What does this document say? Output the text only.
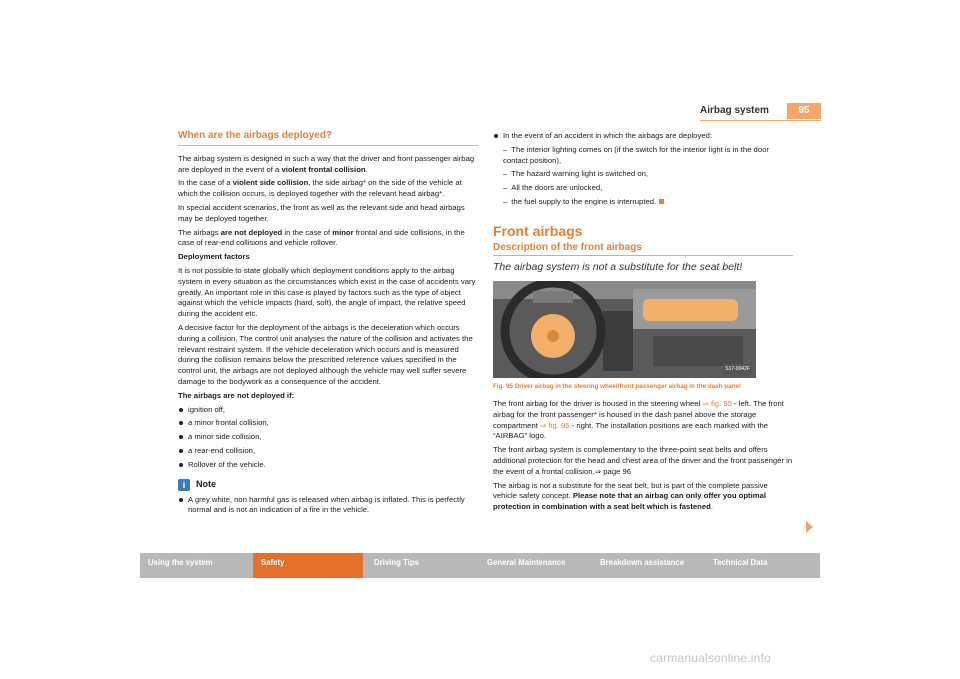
Airbag system	95
When are the airbags deployed?

The airbag system is designed in such a way that the driver and front passenger airbag are deployed in the event of a violent frontal collision.

In the case of a violent side collision, the side airbag* on the side of the vehicle at which the collision occurs, is deployed together with the relevant head airbag*.

In special accident scenarios, the front as well as the relevant side and head airbags may be deployed together.

The airbags are not deployed in the case of minor frontal and side collisions, in the case of rear-end collisions and vehicle rollover.

Deployment factors

It is not possible to state globally which deployment conditions apply to the airbag system in every situation as the circumstances which exist in the case of accidents vary greatly. An important role in this case is played by factors such as the type of object against which the vehicle impacts (hard, soft), the angle of impact, the relative speed during the accident etc.

A decisive factor for the deployment of the airbags is the deceleration which occurs during a collision. The control unit analyses the nature of the collision and activates the relevant restraint system. If the vehicle deceleration which occurs and is measured during the collision remains below the prescribed reference values specified in the control unit, the airbags are not deployed although the vehicle may well suffer severe damage to the bodywork as a consequence of the accident.

The airbags are not deployed if:

ignition off,
a minor frontal collision,
a minor side collision,
a rear-end collision,
Rollover of the vehicle.
i	Note
A grey white, non harmful gas is released when airbag is inflated. This is perfectly normal and is not an indication of a fire in the vehicle.
In the event of an accident in which the airbags are deployed:
– The interior lighting comes on (if the switch for the interior light is in the door contact position),
– The hazard warning light is switched on,
– All the doors are unlocked,
– the fuel supply to the engine is interrupted.
Front airbags
Description of the front airbags
The airbag system is not a substitute for the seat belt!
S17-0042F
Fig. 95 Driver airbag in the steering wheel/front passenger airbag in the dash panel

The front airbag for the driver is housed in the steering wheel ⇒ fig. 95 - left. The front airbag for the front passenger* is housed in the dash panel above the storage compartment ⇒ fig. 95 - right. The installation positions are each marked with the “AIRBAG” logo.

The front airbag system is complementary to the three-point seat belts and offers additional protection for the head and chest area of the driver and the front passenger in the event of a frontal collision.⇒ page 96

The airbag is not a substitute for the seat belt, but is part of the complete passive vehicle safety concept. Please note that an airbag can only offer you optimal protection in combination with a seat belt which is fastened.

Using the system	Safety	Driving Tips	General Maintenance	Breakdown assistance	Technical Data
carmanualsonline.info
